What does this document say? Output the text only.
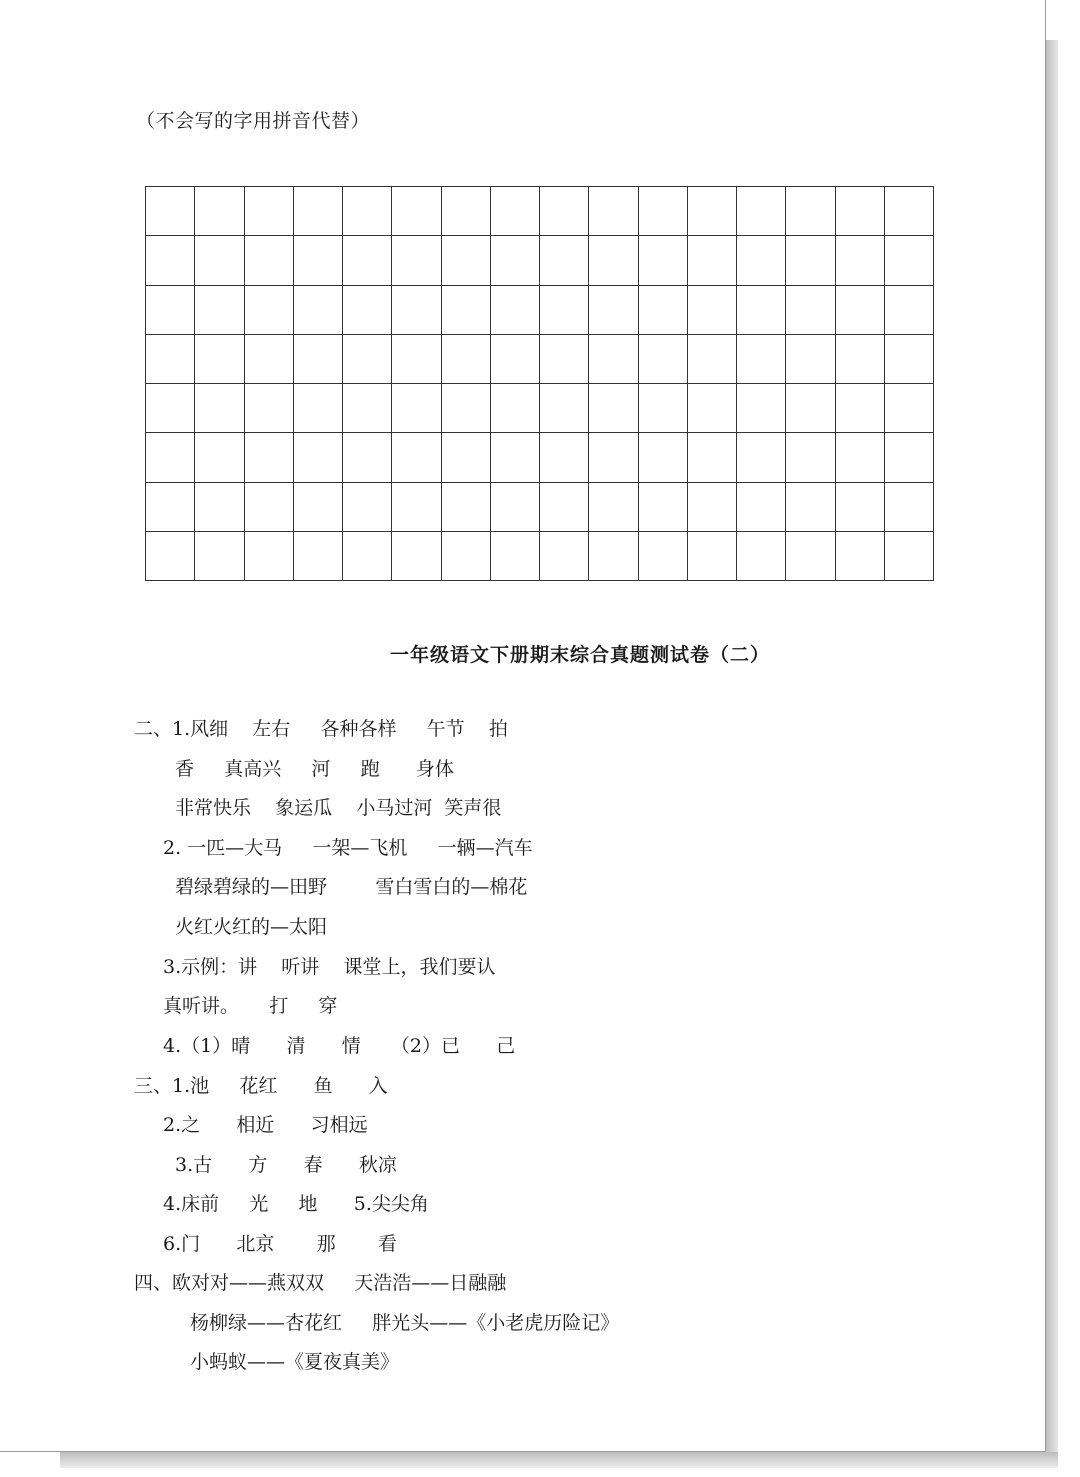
（不会写的字用拼音代替）
一年级语文下册期末综合真题测试卷（二）
二、1.风细    左右     各种各样     午节    拍
香     真高兴     河     跑      身体
非常快乐    象运瓜    小马过河  笑声很
2. 一匹—大马     一架—飞机     一辆—汽车
碧绿碧绿的—田野        雪白雪白的—棉花
火红火红的—太阳
3.示例：讲    听讲    课堂上，我们要认
真听讲。     打     穿
4.（1）晴      清      情     （2）已      己
三、1.池     花红      鱼      入
2.之      相近      习相远
3.古      方      春      秋凉
4.床前     光     地      5.尖尖角
6.门      北京       那       看
四、欧对对——燕双双     天浩浩——日融融
杨柳绿——杏花红     胖光头——《小老虎历险记》
小蚂蚁——《夏夜真美》
